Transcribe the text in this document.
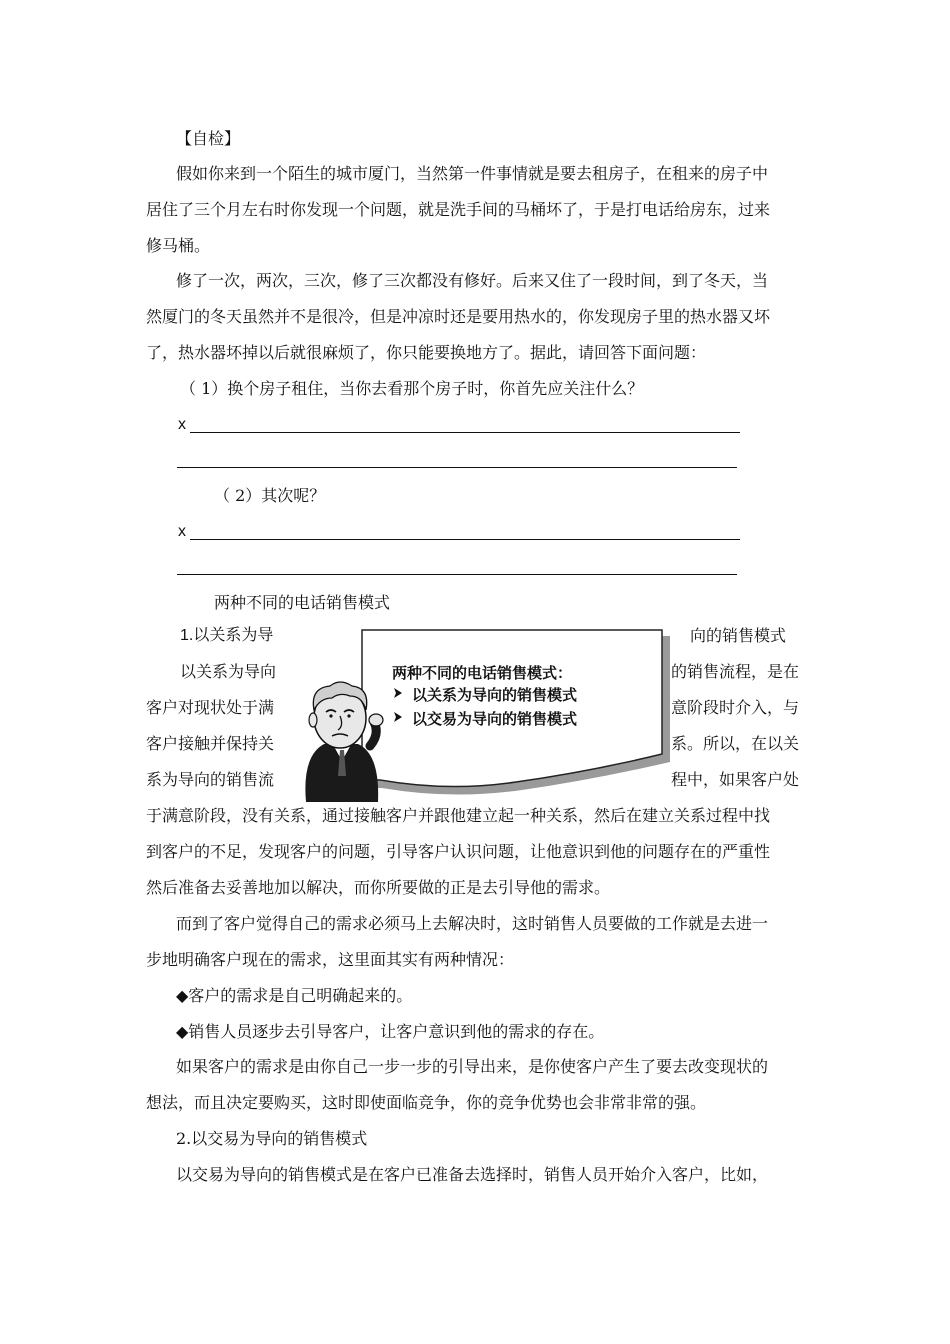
【自检】
假如你来到一个陌生的城市厦门，当然第一件事情就是要去租房子，在租来的房子中
居住了三个月左右时你发现一个问题，就是洗手间的马桶坏了，于是打电话给房东，过来
修马桶。
修了一次，两次，三次，修了三次都没有修好。后来又住了一段时间，到了冬天，当
然厦门的冬天虽然并不是很冷，但是冲凉时还是要用热水的，你发现房子里的热水器又坏
了，热水器坏掉以后就很麻烦了，你只能要换地方了。据此，请回答下面问题：
（ 1）换个房子租住，当你去看那个房子时，你首先应关注什么？
x
（ 2）其次呢？
x
两种不同的电话销售模式
1.以关系为导	向的销售模式
以关系为导向
客户对现状处于满
客户接触并保持关
系为导向的销售流
的销售流程，是在
意阶段时介入，与
系。所以，在以关
程中，如果客户处
两种不同的电话销售模式：
以关系为导向的销售模式
以交易为导向的销售模式
于满意阶段，没有关系，通过接触客户并跟他建立起一种关系，然后在建立关系过程中找
到客户的不足，发现客户的问题，引导客户认识问题，让他意识到他的问题存在的严重性
然后准备去妥善地加以解决，而你所要做的正是去引导他的需求。
而到了客户觉得自己的需求必须马上去解决时，这时销售人员要做的工作就是去进一
步地明确客户现在的需求，这里面其实有两种情况：
◆客户的需求是自己明确起来的。
◆销售人员逐步去引导客户，让客户意识到他的需求的存在。
如果客户的需求是由你自己一步一步的引导出来，是你使客户产生了要去改变现状的
想法，而且决定要购买，这时即使面临竞争，你的竞争优势也会非常非常的强。
2.以交易为导向的销售模式
以交易为导向的销售模式是在客户已准备去选择时，销售人员开始介入客户，比如，
